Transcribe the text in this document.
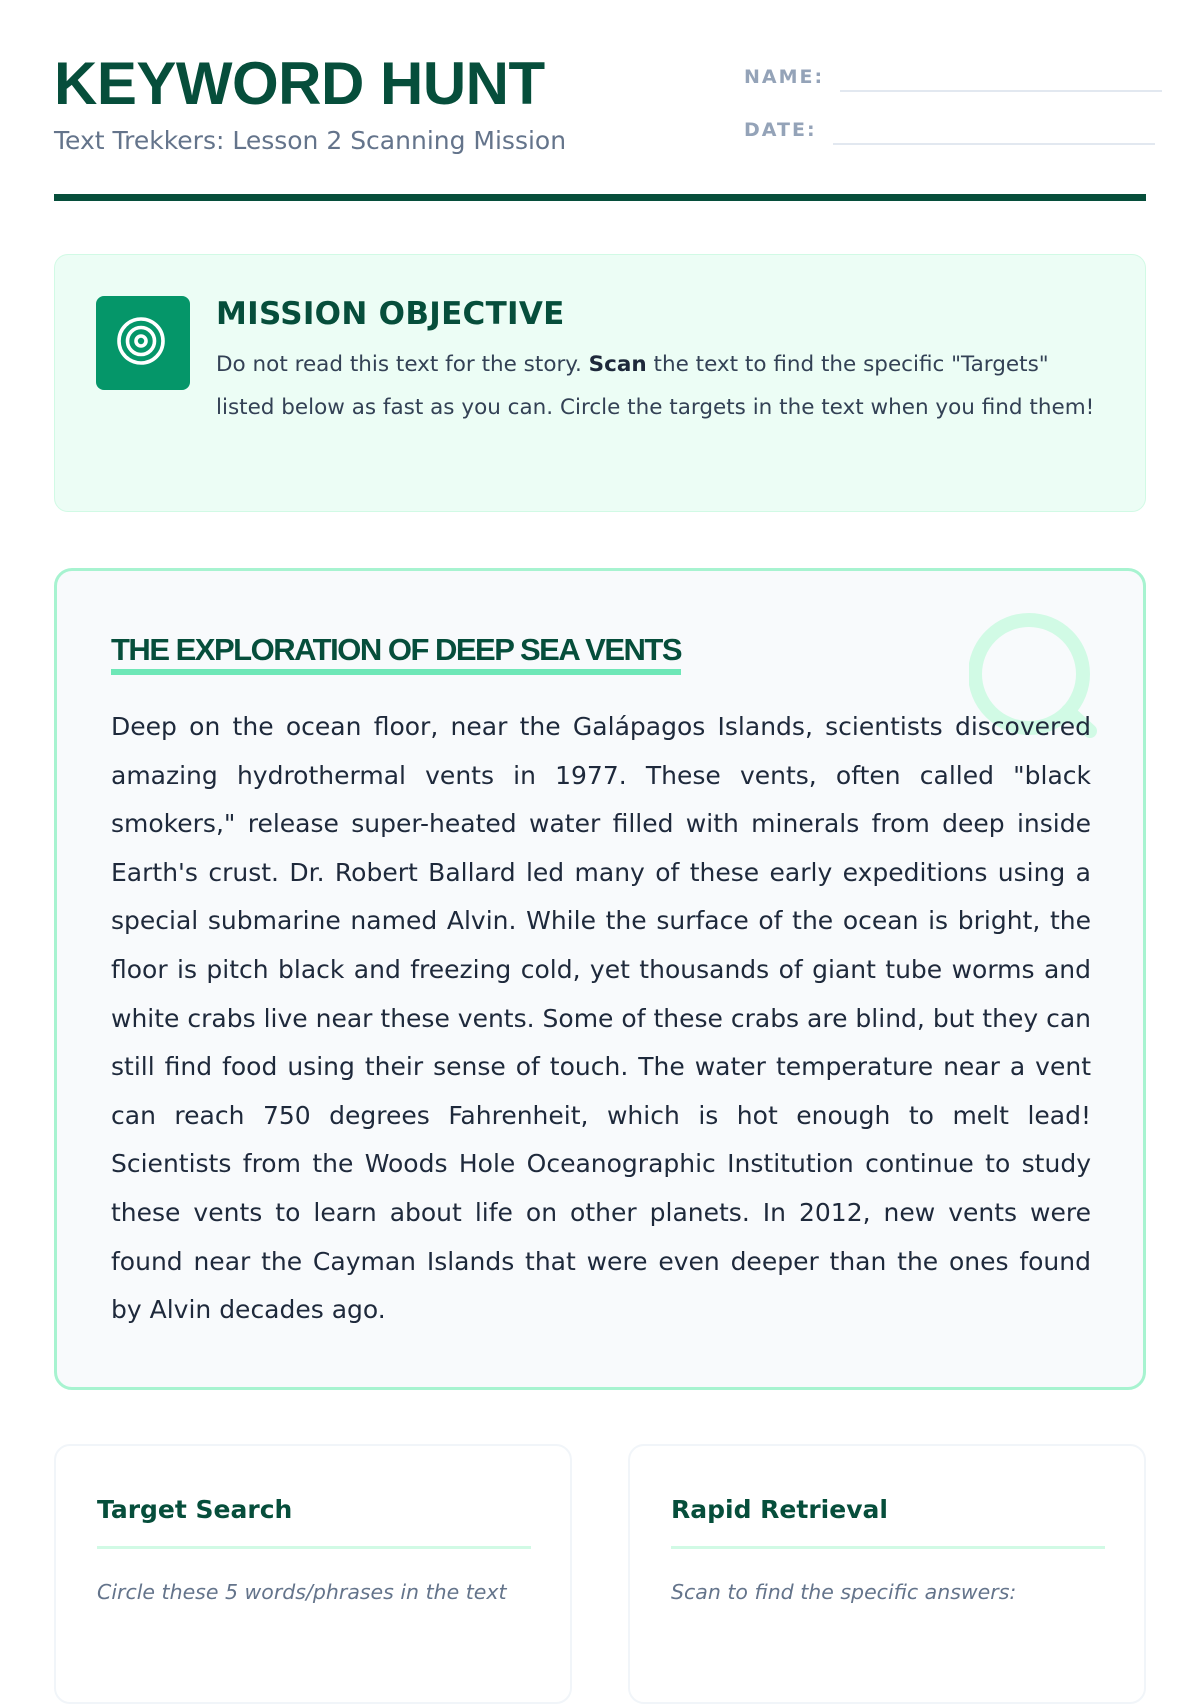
KEYWORD HUNT
Text Trekkers: Lesson 2 Scanning Mission
NAME:
DATE:
MISSION OBJECTIVE

Do not read this text for the story. Scan the text to find the specific "Targets" listed below as fast as you can. Circle the targets in the text when you find them!

THE EXPLORATION OF DEEP SEA VENTS

Deep on the ocean floor, near the Galápagos Islands, scientists discovered amazing hydrothermal vents in 1977. These vents, often called "black smokers," release super-heated water filled with minerals from deep inside Earth's crust. Dr. Robert Ballard led many of these early expeditions using a special submarine named Alvin. While the surface of the ocean is bright, the floor is pitch black and freezing cold, yet thousands of giant tube worms and white crabs live near these vents. Some of these crabs are blind, but they can still find food using their sense of touch. The water temperature near a vent can reach 750 degrees Fahrenheit, which is hot enough to melt lead! Scientists from the Woods Hole Oceanographic Institution continue to study these vents to learn about life on other planets. In 2012, new vents were found near the Cayman Islands that were even deeper than the ones found by Alvin decades ago.

Target Search

Circle these 5 words/phrases in the text

Rapid Retrieval

Scan to find the specific answers:
